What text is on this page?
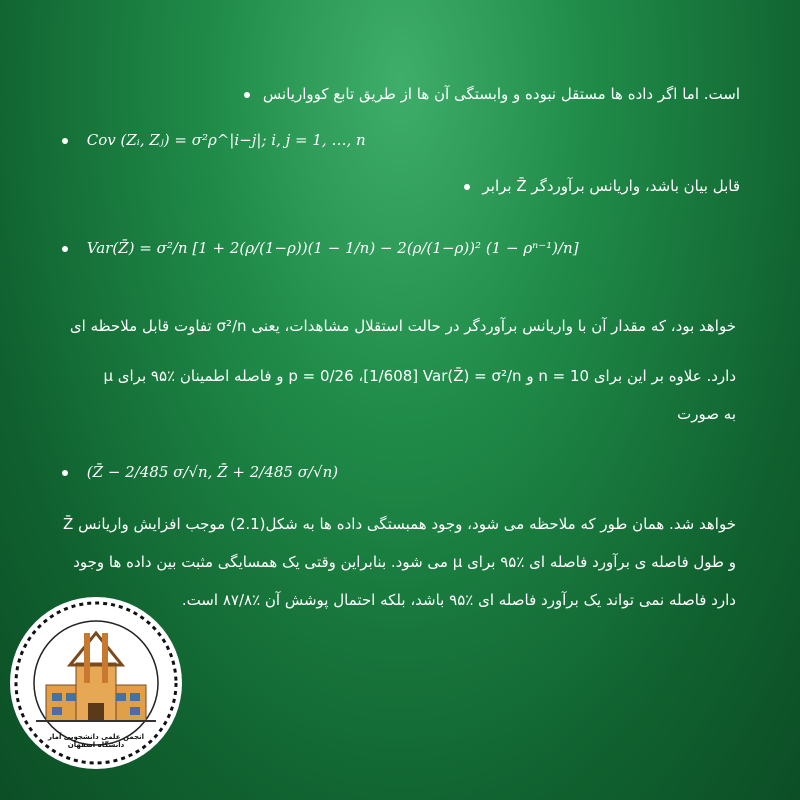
است. اما اگر داده ها مستقل نبوده و وابستگی آن ها از طریق تابع کوواریانس
Cov (Zᵢ, Zⱼ) = σ²ρ^|i−j|; i, j = 1, …, n
قابل بیان باشد، واریانس برآوردگر Z̄ برابر
Var(Z̄) = σ²/n [1 + 2(ρ/(1−ρ))(1 − 1/n) − 2(ρ/(1−ρ))² (1 − ρⁿ⁻¹)/n]
خواهد بود، که مقدار آن با واریانس برآوردگر در حالت استقلال مشاهدات، یعنی σ²/n تفاوت قابل ملاحظه ای
دارد. علاوه بر این برای n = 10 و p = 0/26 ،[1/608] Var(Z̄) = σ²/n و فاصله اطمینان ٪۹۵ برای μ
به صورت
(Z̄ − 2/485 σ/√n, Z̄ + 2/485 σ/√n)
خواهد شد. همان طور که ملاحظه می شود، وجود همبستگی داده ها به شکل(2.1) موجب افزایش واریانس Z̄
و طول فاصله ی برآورد فاصله ای ٪۹۵ برای μ می شود. بنابراین وقتی یک همسایگی مثبت بین داده ها وجود
دارد فاصله نمی تواند یک برآورد فاصله ای ٪۹۵ باشد، بلکه احتمال پوشش آن ٪۸۷/۸ است.
انجمن علمی دانشجویی آمار دانشگاه اصفهان
